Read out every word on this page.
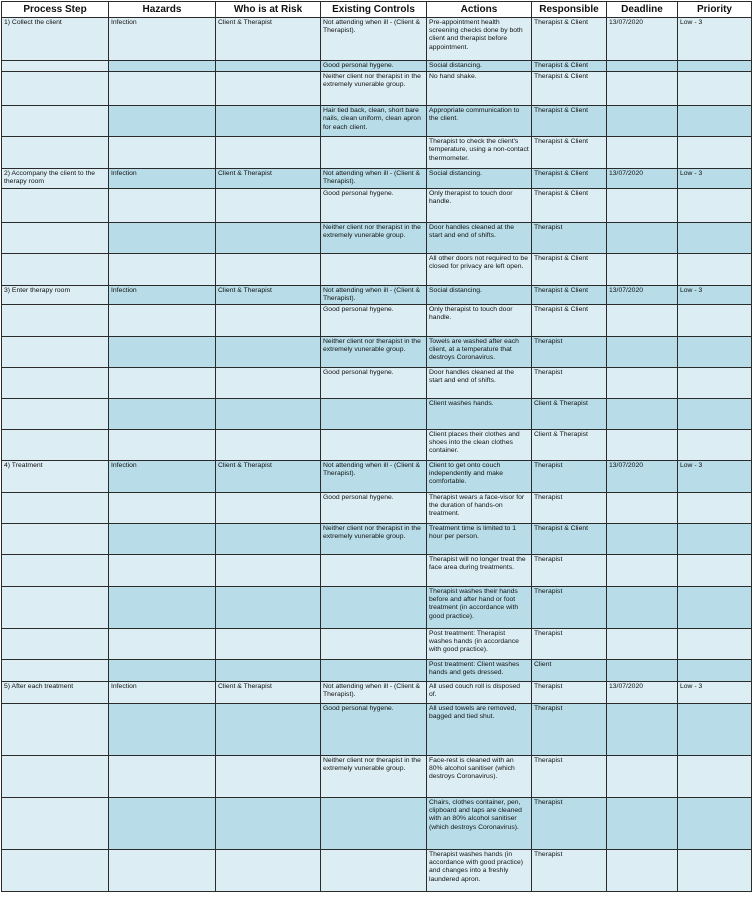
Process Step	Hazards	Who is at Risk	Existing Controls	Actions	Responsible	Deadline	Priority
1) Collect the client	Infection	Client & Therapist	Not attending when ill - (Client & Therapist).	Pre-appointment health screening checks done by both client and therapist before appointment.	Therapist & Client	13/07/2020	Low - 3
			Good personal hygene.	Social distancing.	Therapist & Client		
			Neither client nor therapist in the extremely vunerable group.	No hand shake.	Therapist & Client		
			Hair tied back, clean, short bare nails, clean uniform, clean apron for each client.	Appropriate communication to the client.	Therapist & Client		
				Therapist to check the client's temperature, using a non-contact thermometer.	Therapist & Client		
2) Accompany the client to the therapy room	Infection	Client & Therapist	Not attending when ill - (Client & Therapist).	Social distancing.	Therapist & Client	13/07/2020	Low - 3
			Good personal hygene.	Only therapist to touch door handle.	Therapist & Client		
			Neither client nor therapist in the extremely vunerable group.	Door handles cleaned at the start and end of shifts.	Therapist		
				All other doors not required to be closed for privacy are left open.	Therapist & Client		
3) Enter therapy room	Infection	Client & Therapist	Not attending when ill - (Client & Therapist).	Social distancing.	Therapist & Client	13/07/2020	Low - 3
			Good personal hygene.	Only therapist to touch door handle.	Therapist & Client		
			Neither client nor therapist in the extremely vunerable group.	Towels are washed after each client, at a temperature that destroys Coronavirus.	Therapist		
			Good personal hygene.	Door handles cleaned at the start and end of shifts.	Therapist		
				Client washes hands.	Client & Therapist		
				Client places their clothes and shoes into the clean clothes container.	Client & Therapist		
4) Treatment	Infection	Client & Therapist	Not attending when ill - (Client & Therapist).	Client to get onto couch independently and make comfortable.	Therapist	13/07/2020	Low - 3
			Good personal hygene.	Therapist wears a face-visor for the duration of hands-on treatment.	Therapist		
			Neither client nor therapist in the extremely vunerable group.	Treatment time is limited to 1 hour per person.	Therapist & Client		
				Therapist will no longer treat the face area during treatments.	Therapist		
				Therapist washes their hands before and after hand or foot treatment (in accordance with good practice).	Therapist		
				Post treatment: Therapist washes hands (in accordance with good practice).	Therapist		
				Post treatment: Client washes hands and gets dressed.	Client		
5) After each treatment	Infection	Client & Therapist	Not attending when ill - (Client & Therapist).	All used couch roll is disposed of.	Therapist	13/07/2020	Low - 3
			Good personal hygene.	All used towels are removed, bagged and tied shut.	Therapist		
			Neither client nor therapist in the extremely vunerable group.	Face-rest is cleaned with an 80% alcohol sanitiser (which destroys Coronavirus).	Therapist		
				Chairs, clothes container, pen, clipboard and taps are cleaned with an 80% alcohol sanitiser (which destroys Coronavirus).	Therapist		
				Therapist washes hands (in accordance with good practice) and changes into a freshly laundered apron.	Therapist		
